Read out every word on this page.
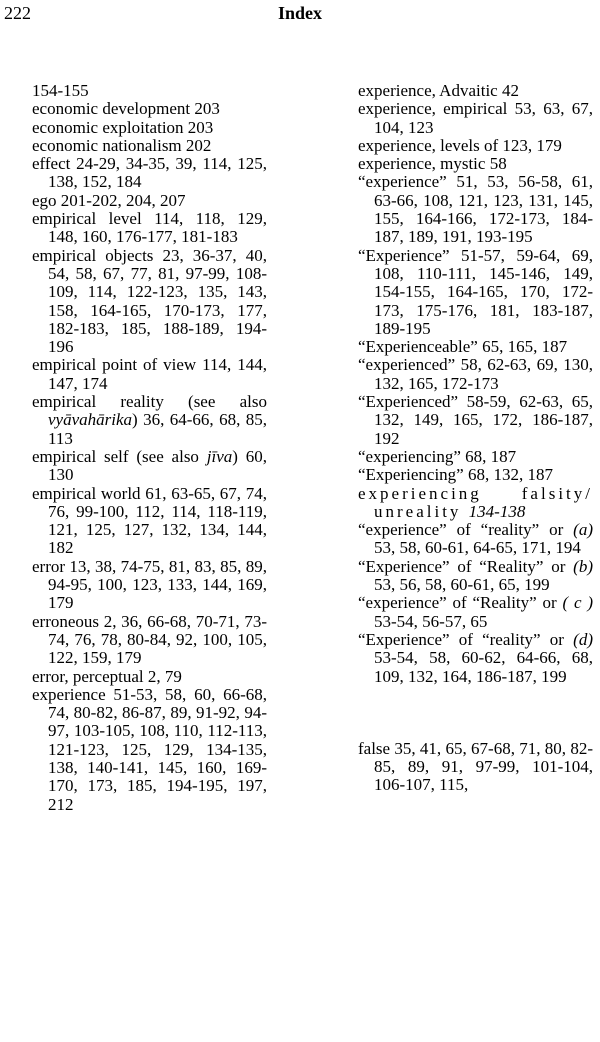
222	Index
154-155
economic development 203
economic exploitation 203
economic nationalism 202
effect 24-29, 34-35, 39, 114, 125, 138, 152, 184
ego 201-202, 204, 207
empirical level 114, 118, 129, 148, 160, 176-177, 181-183
empirical objects 23, 36-37, 40, 54, 58, 67, 77, 81, 97-99, 108-109, 114, 122-123, 135, 143, 158, 164-165, 170-173, 177, 182-183, 185, 188-189, 194-196
empirical point of view 114, 144, 147, 174
empirical reality (see also vyāvahārika) 36, 64-66, 68, 85, 113
empirical self (see also jīva) 60, 130
empirical world 61, 63-65, 67, 74, 76, 99-100, 112, 114, 118-119, 121, 125, 127, 132, 134, 144, 182
error 13, 38, 74-75, 81, 83, 85, 89, 94-95, 100, 123, 133, 144, 169, 179
erroneous 2, 36, 66-68, 70-71, 73-74, 76, 78, 80-84, 92, 100, 105, 122, 159, 179
error, perceptual 2, 79
experience 51-53, 58, 60, 66-68, 74, 80-82, 86-87, 89, 91-92, 94-97, 103-105, 108, 110, 112-113, 121-123, 125, 129, 134-135, 138, 140-141, 145, 160, 169-170, 173, 185, 194-195, 197, 212
experience, Advaitic 42
experience, empirical 53, 63, 67, 104, 123
experience, levels of 123, 179
experience, mystic 58
“experience” 51, 53, 56-58, 61, 63-66, 108, 121, 123, 131, 145, 155, 164-166, 172-173, 184-187, 189, 191, 193-195
“Experience” 51-57, 59-64, 69, 108, 110-111, 145-146, 149, 154-155, 164-165, 170, 172-173, 175-176, 181, 183-187, 189-195
“Experienceable” 65, 165, 187
“experienced” 58, 62-63, 69, 130, 132, 165, 172-173
“Experienced” 58-59, 62-63, 65, 132, 149, 165, 172, 186-187, 192
“experiencing” 68, 187
“Experiencing” 68, 132, 187
experiencing falsity/ unreality 134-138
“experience” of “reality” or (a) 53, 58, 60-61, 64-65, 171, 194
“Experience” of “Reality” or (b) 53, 56, 58, 60-61, 65, 199
“experience” of “Reality” or ( c ) 53-54, 56-57, 65
“Experience” of “reality” or (d) 53-54, 58, 60-62, 64-66, 68, 109, 132, 164, 186-187, 199
false 35, 41, 65, 67-68, 71, 80, 82-85, 89, 91, 97-99, 101-104, 106-107, 115,
